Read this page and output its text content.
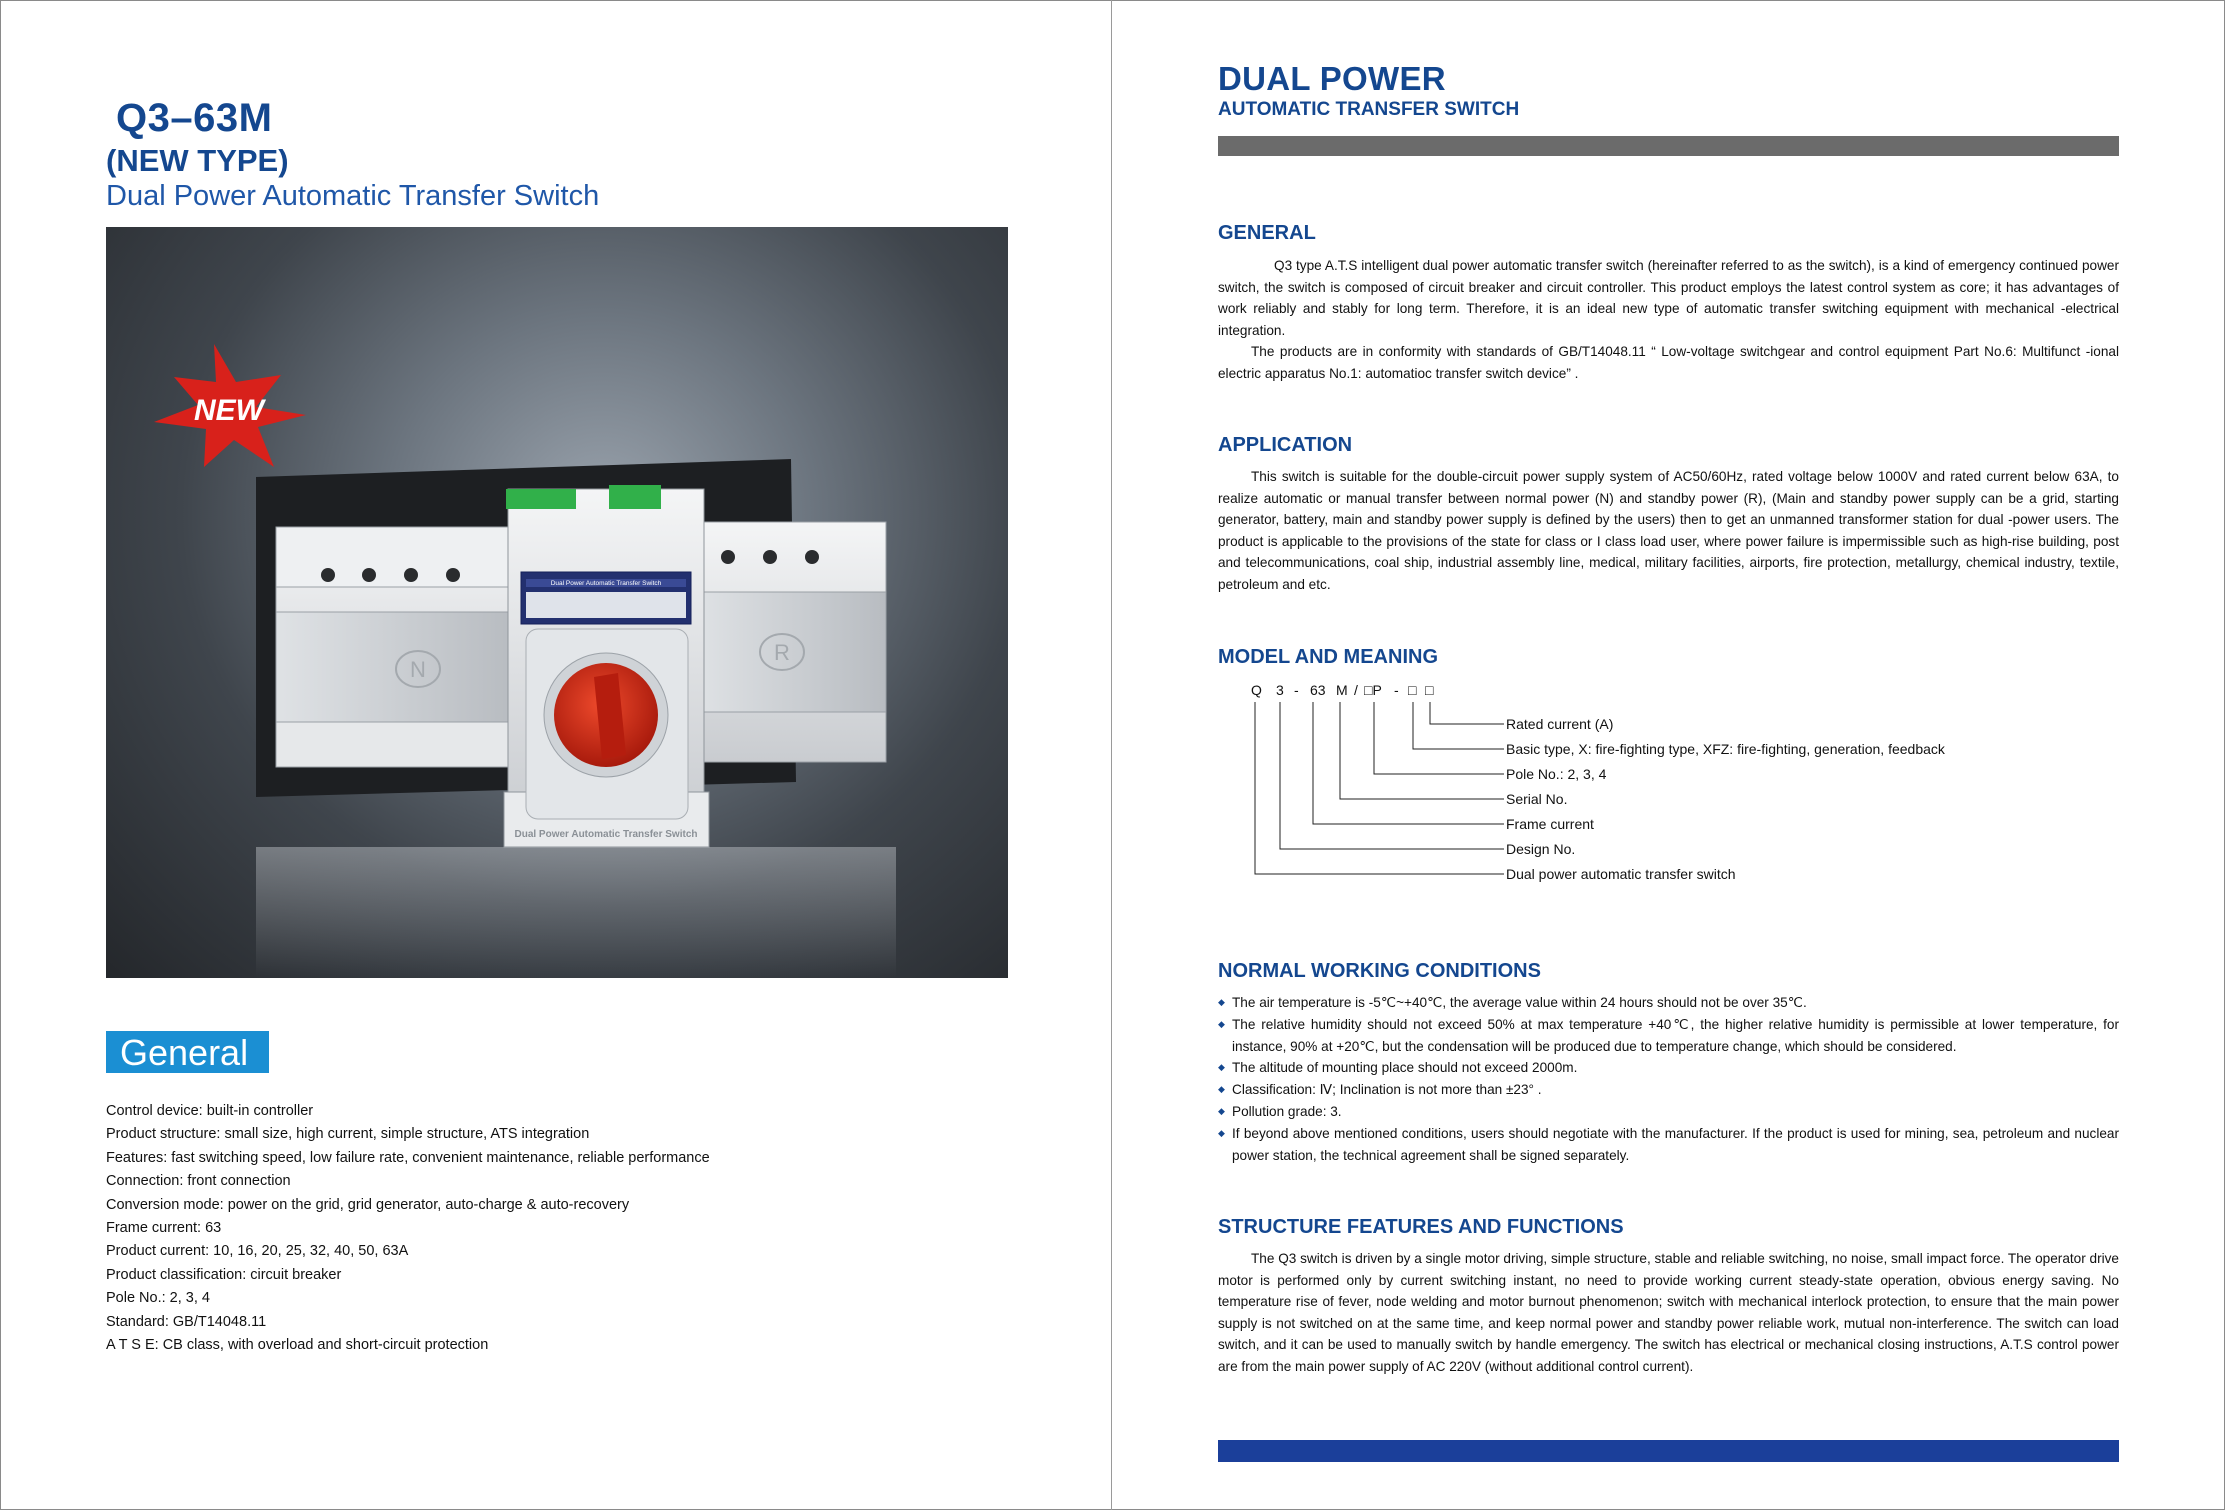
Q3–63M
(NEW TYPE)
Dual Power Automatic Transfer Switch
NEW
N
R
Dual Power Automatic Transfer Switch
Dual Power Automatic Transfer Switch
General
Control device: built-in controller
Product structure: small size, high current, simple structure, ATS integration
Features: fast switching speed, low failure rate, convenient maintenance, reliable performance
Connection: front connection
Conversion mode: power on the grid, grid generator, auto-charge & auto-recovery
Frame current: 63
Product current: 10, 16, 20, 25, 32, 40, 50, 63A
Product classification: circuit breaker
Pole No.: 2, 3, 4
Standard: GB/T14048.11
A T S E: CB class, with overload and short-circuit protection
DUAL POWER
AUTOMATIC TRANSFER SWITCH
GENERAL

Q3 type A.T.S intelligent dual power automatic transfer switch (hereinafter referred to as the switch), is a kind of emergency continued power switch, the switch is composed of circuit breaker and circuit controller. This product employs the latest control system as core; it has advantages of work reliably and stably for long term. Therefore, it is an ideal new type of automatic transfer switching equipment with mechanical -electrical integration.

The products are in conformity with standards of GB/T14048.11 “ Low-voltage switchgear and control equipment Part No.6: Multifunct -ional electric apparatus No.1: automatioc transfer switch device” .

APPLICATION

This switch is suitable for the double-circuit power supply system of AC50/60Hz, rated voltage below 1000V and rated current below 63A, to realize automatic or manual transfer between normal power (N) and standby power (R), (Main and standby power supply can be a grid, starting generator, battery, main and standby power supply is defined by the users) then to get an unmanned transformer station for dual -power users. The product is applicable to the provisions of the state for class or I class load user, where power failure is impermissible such as high-rise building, post and telecommunications, coal ship, industrial assembly line, medical, military facilities, airports, fire protection, metallurgy, chemical industry, textile, petroleum and etc.

MODEL AND MEANING
Q 3 - 63 M / □P - □ □
Rated current (A)
Basic type, X: fire-fighting type, XFZ: fire-fighting, generation, feedback
Pole No.: 2, 3, 4
Serial No.
Frame current
Design No.
Dual power automatic transfer switch
NORMAL WORKING CONDITIONS
◆ The air temperature is -5℃~+40℃, the average value within 24 hours should not be over 35℃.
◆ The relative humidity should not exceed 50% at max temperature +40℃, the higher relative humidity is permissible at lower temperature, for instance, 90% at +20℃, but the condensation will be produced due to temperature change, which should be considered.
◆ The altitude of mounting place should not exceed 2000m.
◆ Classification: Ⅳ; Inclination is not more than ±23° .
◆ Pollution grade: 3.
◆ If beyond above mentioned conditions, users should negotiate with the manufacturer. If the product is used for mining, sea, petroleum and nuclear power station, the technical agreement shall be signed separately.
STRUCTURE FEATURES AND FUNCTIONS

The Q3 switch is driven by a single motor driving, simple structure, stable and reliable switching, no noise, small impact force. The operator drive motor is performed only by current switching instant, no need to provide working current steady-state operation, obvious energy saving. No temperature rise of fever, node welding and motor burnout phenomenon; switch with mechanical interlock protection, to ensure that the main power supply is not switched on at the same time, and keep normal power and standby power reliable work, mutual non-interference. The switch can load switch, and it can be used to manually switch by handle emergency. The switch has electrical or mechanical closing instructions, A.T.S control power are from the main power supply of AC 220V (without additional control current).
